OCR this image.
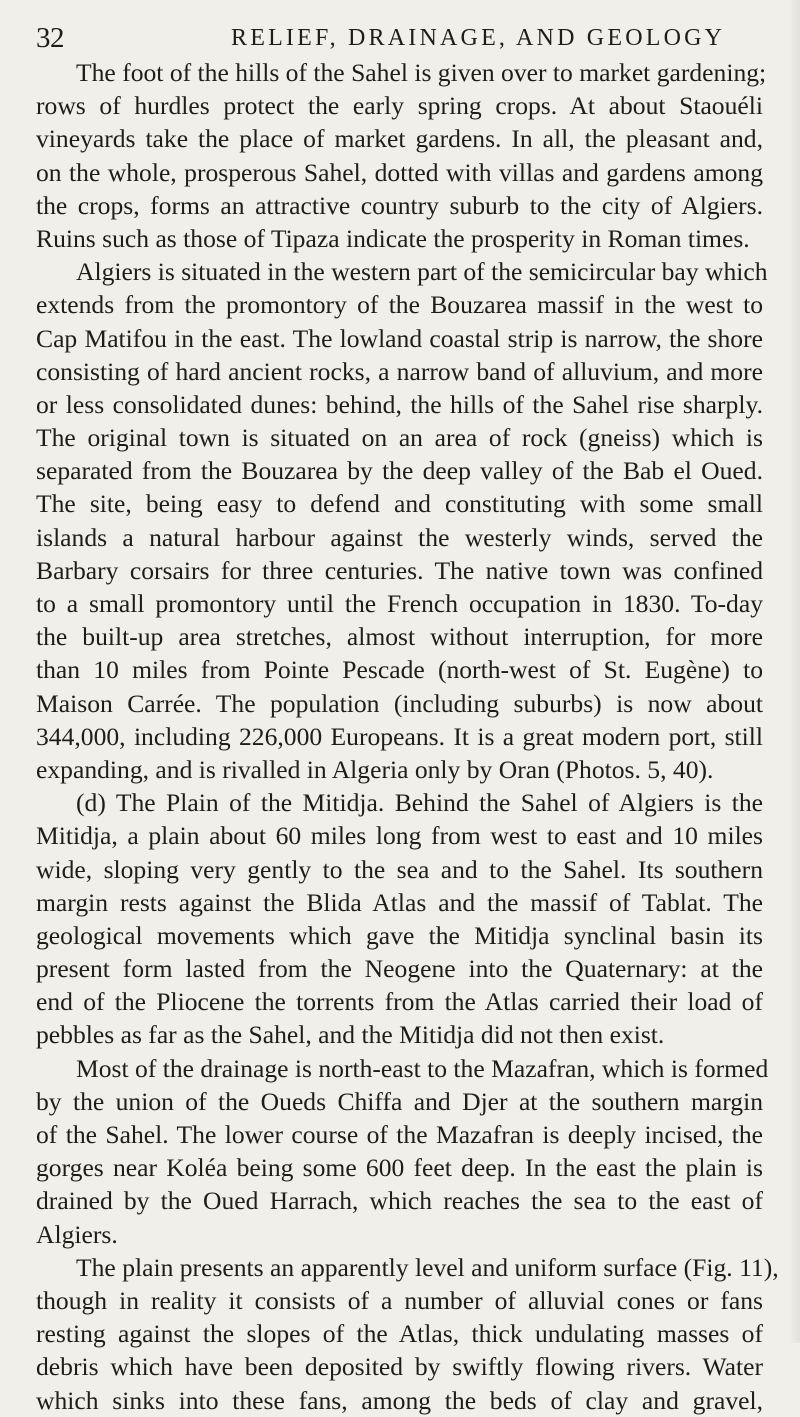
32	RELIEF, DRAINAGE, AND GEOLOGY
The foot of the hills of the Sahel is given over to market gardening;
rows of hurdles protect the early spring crops. At about Staouéli
vineyards take the place of market gardens. In all, the pleasant and,
on the whole, prosperous Sahel, dotted with villas and gardens among
the crops, forms an attractive country suburb to the city of Algiers.
Ruins such as those of Tipaza indicate the prosperity in Roman times.
Algiers is situated in the western part of the semicircular bay which
extends from the promontory of the Bouzarea massif in the west to
Cap Matifou in the east. The lowland coastal strip is narrow, the shore
consisting of hard ancient rocks, a narrow band of alluvium, and more
or less consolidated dunes: behind, the hills of the Sahel rise sharply.
The original town is situated on an area of rock (gneiss) which is
separated from the Bouzarea by the deep valley of the Bab el Oued.
The site, being easy to defend and constituting with some small
islands a natural harbour against the westerly winds, served the
Barbary corsairs for three centuries. The native town was confined
to a small promontory until the French occupation in 1830. To-day
the built-up area stretches, almost without interruption, for more
than 10 miles from Pointe Pescade (north-west of St. Eugène) to
Maison Carrée. The population (including suburbs) is now about
344,000, including 226,000 Europeans. It is a great modern port, still
expanding, and is rivalled in Algeria only by Oran (Photos. 5, 40).
(d) The Plain of the Mitidja. Behind the Sahel of Algiers is the
Mitidja, a plain about 60 miles long from west to east and 10 miles
wide, sloping very gently to the sea and to the Sahel. Its southern
margin rests against the Blida Atlas and the massif of Tablat. The
geological movements which gave the Mitidja synclinal basin its
present form lasted from the Neogene into the Quaternary: at the
end of the Pliocene the torrents from the Atlas carried their load of
pebbles as far as the Sahel, and the Mitidja did not then exist.
Most of the drainage is north-east to the Mazafran, which is formed
by the union of the Oueds Chiffa and Djer at the southern margin
of the Sahel. The lower course of the Mazafran is deeply incised, the
gorges near Koléa being some 600 feet deep. In the east the plain is
drained by the Oued Harrach, which reaches the sea to the east of
Algiers.
The plain presents an apparently level and uniform surface (Fig. 11),
though in reality it consists of a number of alluvial cones or fans
resting against the slopes of the Atlas, thick undulating masses of
debris which have been deposited by swiftly flowing rivers. Water
which sinks into these fans, among the beds of clay and gravel,
